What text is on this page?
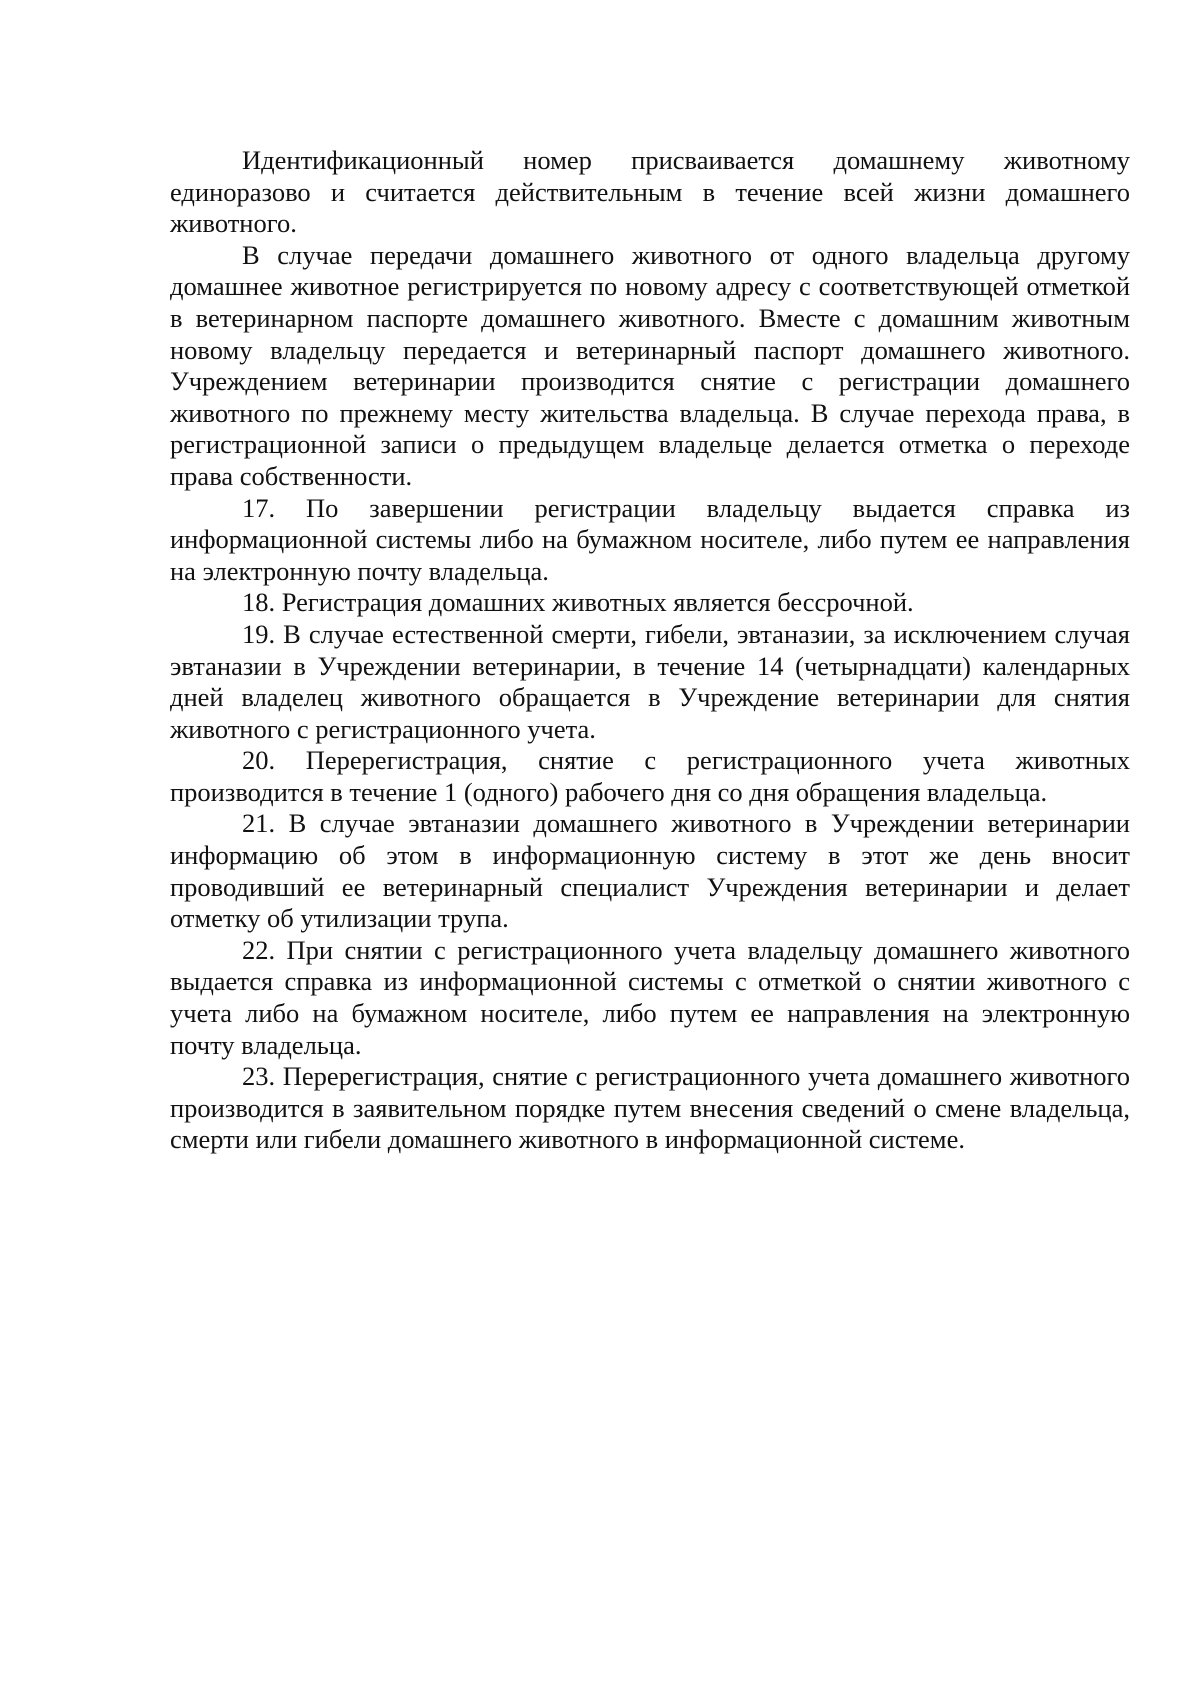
Идентификационный номер присваивается домашнему животному единоразово и считается действительным в течение всей жизни домашнего животного.

В случае передачи домашнего животного от одного владельца другому домашнее животное регистрируется по новому адресу с соответствующей отметкой в ветеринарном паспорте домашнего животного. Вместе с домашним животным новому владельцу передается и ветеринарный паспорт домашнего животного. Учреждением ветеринарии производится снятие с регистрации домашнего животного по прежнему месту жительства владельца. В случае перехода права, в регистрационной записи о предыдущем владельце делается отметка о переходе права собственности.

17. По завершении регистрации владельцу выдается справка из информационной системы либо на бумажном носителе, либо путем ее направления на электронную почту владельца.

18. Регистрация домашних животных является бессрочной.

19. В случае естественной смерти, гибели, эвтаназии, за исключением случая эвтаназии в Учреждении ветеринарии, в течение 14 (четырнадцати) календарных дней владелец животного обращается в Учреждение ветеринарии для снятия животного с регистрационного учета.

20. Перерегистрация, снятие с регистрационного учета животных производится в течение 1 (одного) рабочего дня со дня обращения владельца.

21. В случае эвтаназии домашнего животного в Учреждении ветеринарии информацию об этом в информационную систему в этот же день вносит проводивший ее ветеринарный специалист Учреждения ветеринарии и делает отметку об утилизации трупа.

22. При снятии с регистрационного учета владельцу домашнего животного выдается справка из информационной системы с отметкой о снятии животного с учета либо на бумажном носителе, либо путем ее направления на электронную почту владельца.

23. Перерегистрация, снятие с регистрационного учета домашнего животного производится в заявительном порядке путем внесения сведений о смене владельца, смерти или гибели домашнего животного в информационной системе.
